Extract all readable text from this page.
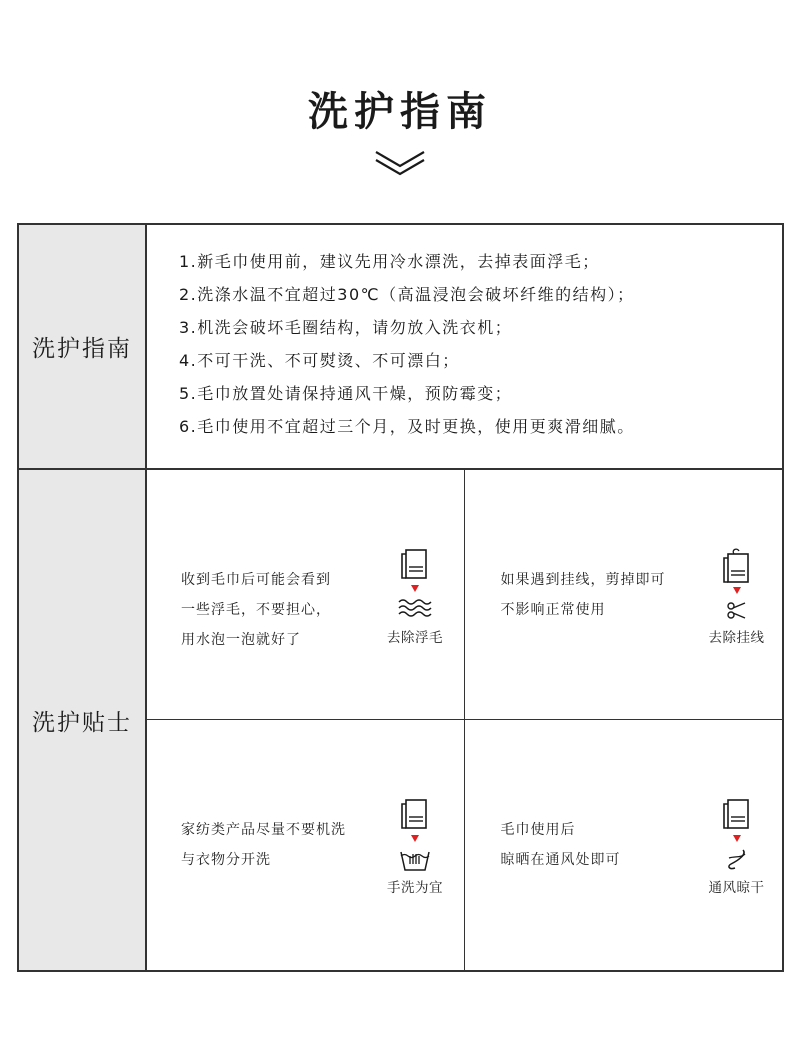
洗护指南
洗护指南
1.新毛巾使用前，建议先用冷水漂洗，去掉表面浮毛；
2.洗涤水温不宜超过30℃（高温浸泡会破坏纤维的结构）；
3.机洗会破坏毛圈结构，请勿放入洗衣机；
4.不可干洗、不可熨烫、不可漂白；
5.毛巾放置处请保持通风干燥，预防霉变；
6.毛巾使用不宜超过三个月，及时更换，使用更爽滑细腻。
洗护贴士
收到毛巾后可能会看到
一些浮毛，不要担心，
用水泡一泡就好了	去除浮毛
如果遇到挂线，剪掉即可
不影响正常使用
去除挂线
家纺类产品尽量不要机洗
与衣物分开洗
手洗为宜
毛巾使用后
晾晒在通风处即可
通风晾干
